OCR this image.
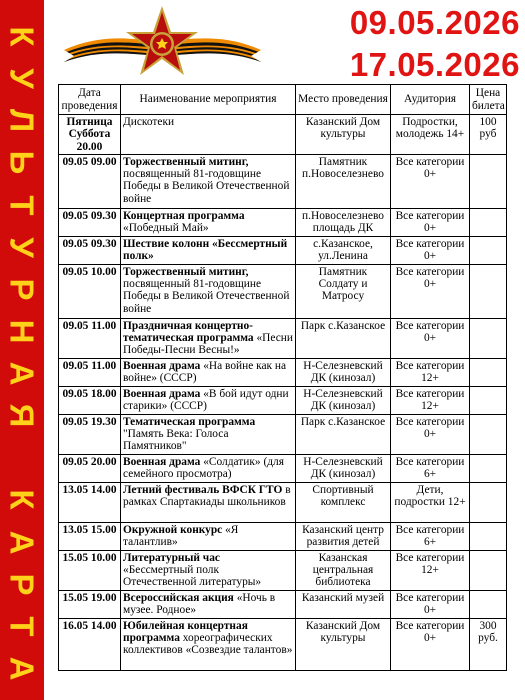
К
У
Л
Ь
Т
У
Р
Н
А
Я

К
А
Р
Т
А
09.05.2026
17.05.2026
Дата проведения	Наименование мероприятия	Место проведения	Аудитория	Цена билета
Пятница Суббота 20.00	Дискотеки	Казанский Дом культуры	Подростки, молодежь 14+	100 руб
09.05 09.00	Торжественный митинг, посвященный 81-годовщине Победы в Великой Отечественной войне	Памятник п.Новоселезнево	Все категории 0+	
09.05 09.30	Концертная программа «Победный Май»	п.Новоселезнево площадь ДК	Все категории 0+	
09.05 09.30	Шествие колонн «Бессмертный полк»	с.Казанское, ул.Ленина	Все категории 0+	
09.05 10.00	Торжественный митинг, посвященный 81-годовщине Победы в Великой Отечественной войне	Памятник Солдату и Матросу	Все категории 0+	
09.05 11.00	Праздничная концертно-тематическая программа «Песни Победы-Песни Весны!»	Парк с.Казанское	Все категории 0+	
09.05 11.00	Военная драма «На войне как на войне» (СССР)	Н-Селезневский ДК (кинозал)	Все категории 12+	
09.05 18.00	Военная драма «В бой идут одни старики» (СССР)	Н-Селезневский ДК (кинозал)	Все категории 12+	
09.05 19.30	Тематическая программа "Память Века: Голоса Памятников"	Парк с.Казанское	Все категории 0+	
09.05 20.00	Военная драма «Солдатик» (для семейного просмотра)	Н-Селезневский ДК (кинозал)	Все категории 6+	
13.05 14.00	Летний фестиваль ВФСК ГТО в рамках Спартакиады школьников	Спортивный комплекс	Дети, подростки 12+	
13.05 15.00	Окружной конкурс «Я талантлив»	Казанский центр развития детей	Все категории 6+	
15.05 10.00	Литературный час «Бессмертный полк Отечественной литературы»	Казанская центральная библиотека	Все категории 12+	
15.05 19.00	Всероссийская акция «Ночь в музее. Родное»	Казанский музей	Все категории 0+	
16.05 14.00	Юбилейная концертная программа хореографических коллективов «Созвездие талантов»	Казанский Дом культуры	Все категории 0+	300 руб.
